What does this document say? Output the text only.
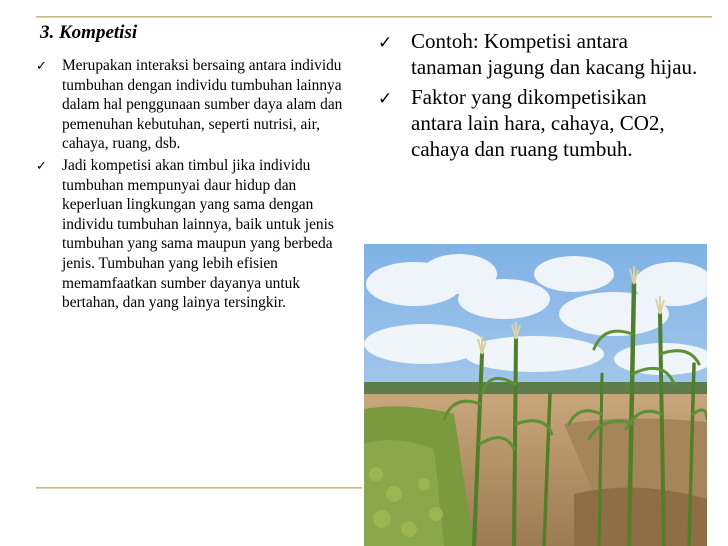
3. Kompetisi
✓ Merupakan interaksi bersaing antara individu tumbuhan dengan individu tumbuhan lainnya dalam hal penggunaan sumber daya alam dan pemenuhan kebutuhan, seperti nutrisi, air, cahaya, ruang, dsb.
✓ Jadi kompetisi akan timbul jika individu tumbuhan mempunyai daur hidup dan keperluan lingkungan yang sama dengan individu tumbuhan lainnya, baik untuk jenis tumbuhan yang sama maupun yang berbeda jenis. Tumbuhan yang lebih efisien memamfaatkan sumber dayanya untuk bertahan, dan yang lainya tersingkir.
✓ Contoh: Kompetisi antara tanaman jagung dan kacang hijau.
✓ Faktor yang dikompetisikan antara lain hara, cahaya, CO2, cahaya dan ruang tumbuh.
